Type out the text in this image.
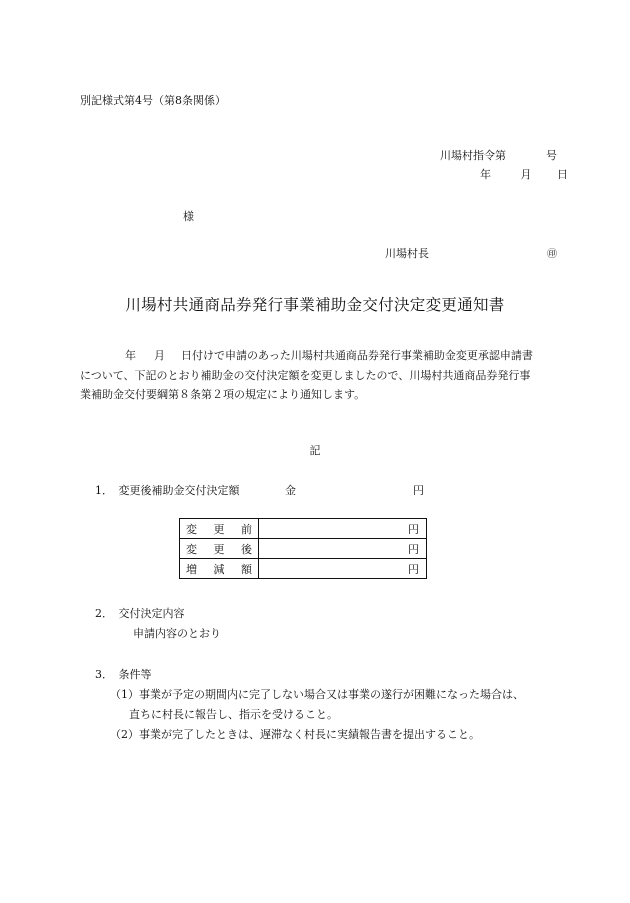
別記様式第4号（第8条関係）
川場村指令第	号
年	月 日
様
川場村長	㊞
川場村共通商品券発行事業補助金交付決定変更通知書
年 月 日付けで申請のあった川場村共通商品券発行事業補助金変更承認申請書
について、下記のとおり補助金の交付決定額を変更しましたので、川場村共通商品券発行事
業補助金交付要綱第８条第２項の規定により通知します。
記
1．　変更後補助金交付決定額	金	円
変更前	円
変更後	円
増減額	円
2．　交付決定内容
申請内容のとおり
3．　条件等
（1）事業が予定の期間内に完了しない場合又は事業の遂行が困難になった場合は、
直ちに村長に報告し、指示を受けること。
（2）事業が完了したときは、遅滞なく村長に実績報告書を提出すること。
